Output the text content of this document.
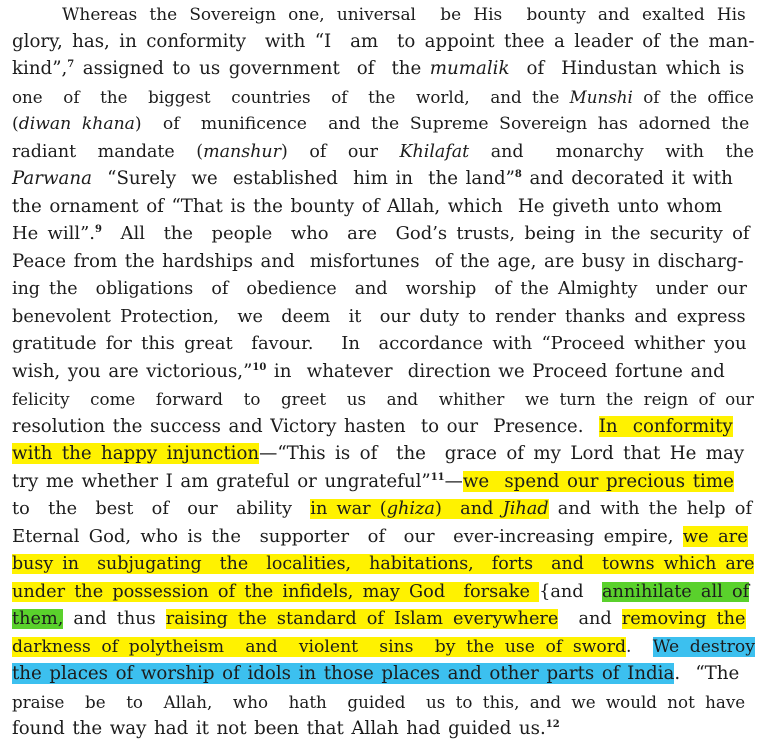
Whereas the Sovereign one, universal  be His  bounty and exalted His
glory, has, in conformity  with “I  am  to appoint thee a leader of the man-
kind”,$^7$ assigned to us government  of  the mumalik  of  Hindustan which is
one  of  the  biggest  countries  of  the  world,  and the Munshi of the office
(diwan khana)  of  munificence  and the Supreme Sovereign has adorned the
radiant  mandate  (manshur)  of  our  Khilafat  and   monarchy  with  the
Parwana  “Surely  we  established  him in  the land”$^8$ and decorated it with
the ornament of “That is the bounty of Allah, which  He giveth unto whom
He will”.$^9$  All  the  people  who  are  God’s trusts, being in the security of
Peace from the hardships and  misfortunes  of the age, are busy in discharg-
ing the  obligations  of  obedience  and  worship  of the Almighty  under our
benevolent Protection,  we  deem  it  our duty to render thanks and express
gratitude for this great  favour.   In  accordance with “Proceed whither you
wish, you are victorious,”$^{10}$ in  whatever  direction we Proceed fortune and
felicity  come  forward  to  greet  us  and  whither  we turn the reign of our
resolution the success and Victory hasten  to our  Presence.  In  conformity
with the happy injunction—“This is of  the  grace of my Lord that He may
try me whether I am grateful or ungrateful”$^{11}$—we  spend our precious time
to  the  best  of  our  ability  in war (ghiza)  and Jihad and with the help of
Eternal God, who is the  supporter  of  our  ever-increasing empire, we are
busy in  subjugating  the  localities,  habitations,  forts  and  towns which are
under the possession of the infidels, may God  forsake {and  annihilate all of
them, and thus raising the standard of Islam everywhere  and removing the
darkness of polytheism  and  violent  sins  by the use of sword.  We destroy
the places of worship of idols in those places and other parts of India.  “The
praise  be  to  Allah,  who  hath  guided  us to this, and we would not have
found the way had it not been that Allah had guided us.$^{12}$
